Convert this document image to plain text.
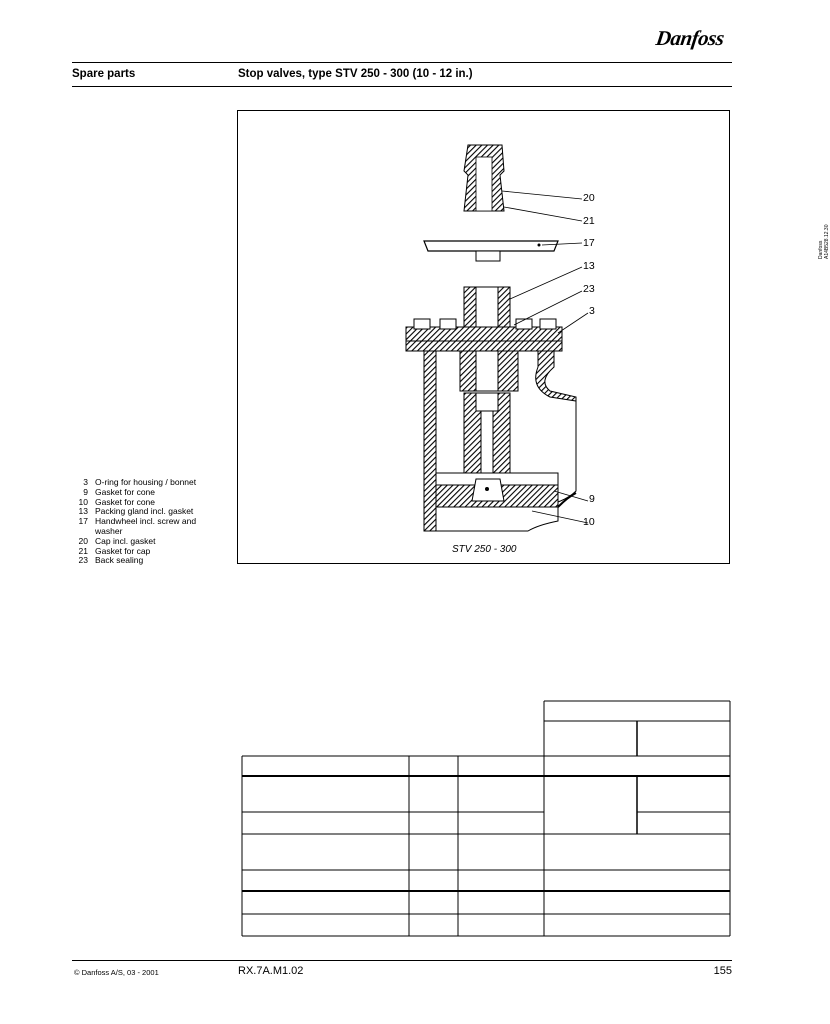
Danfoss
Spare parts	Stop valves, type STV 250 - 300 (10 - 12 in.)
Danfoss
A14B528.12.30
20
21
17
13
23
3
9
10
STV 250 - 300
3 O-ring for housing / bonnet
9 Gasket for cone
10 Gasket for cone
13 Packing gland incl. gasket
17 Handwheel incl. screw and washer
20 Cap incl. gasket
21 Gasket for cap
23 Back sealing
© Danfoss A/S, 03 - 2001	RX.7A.M1.02	155
